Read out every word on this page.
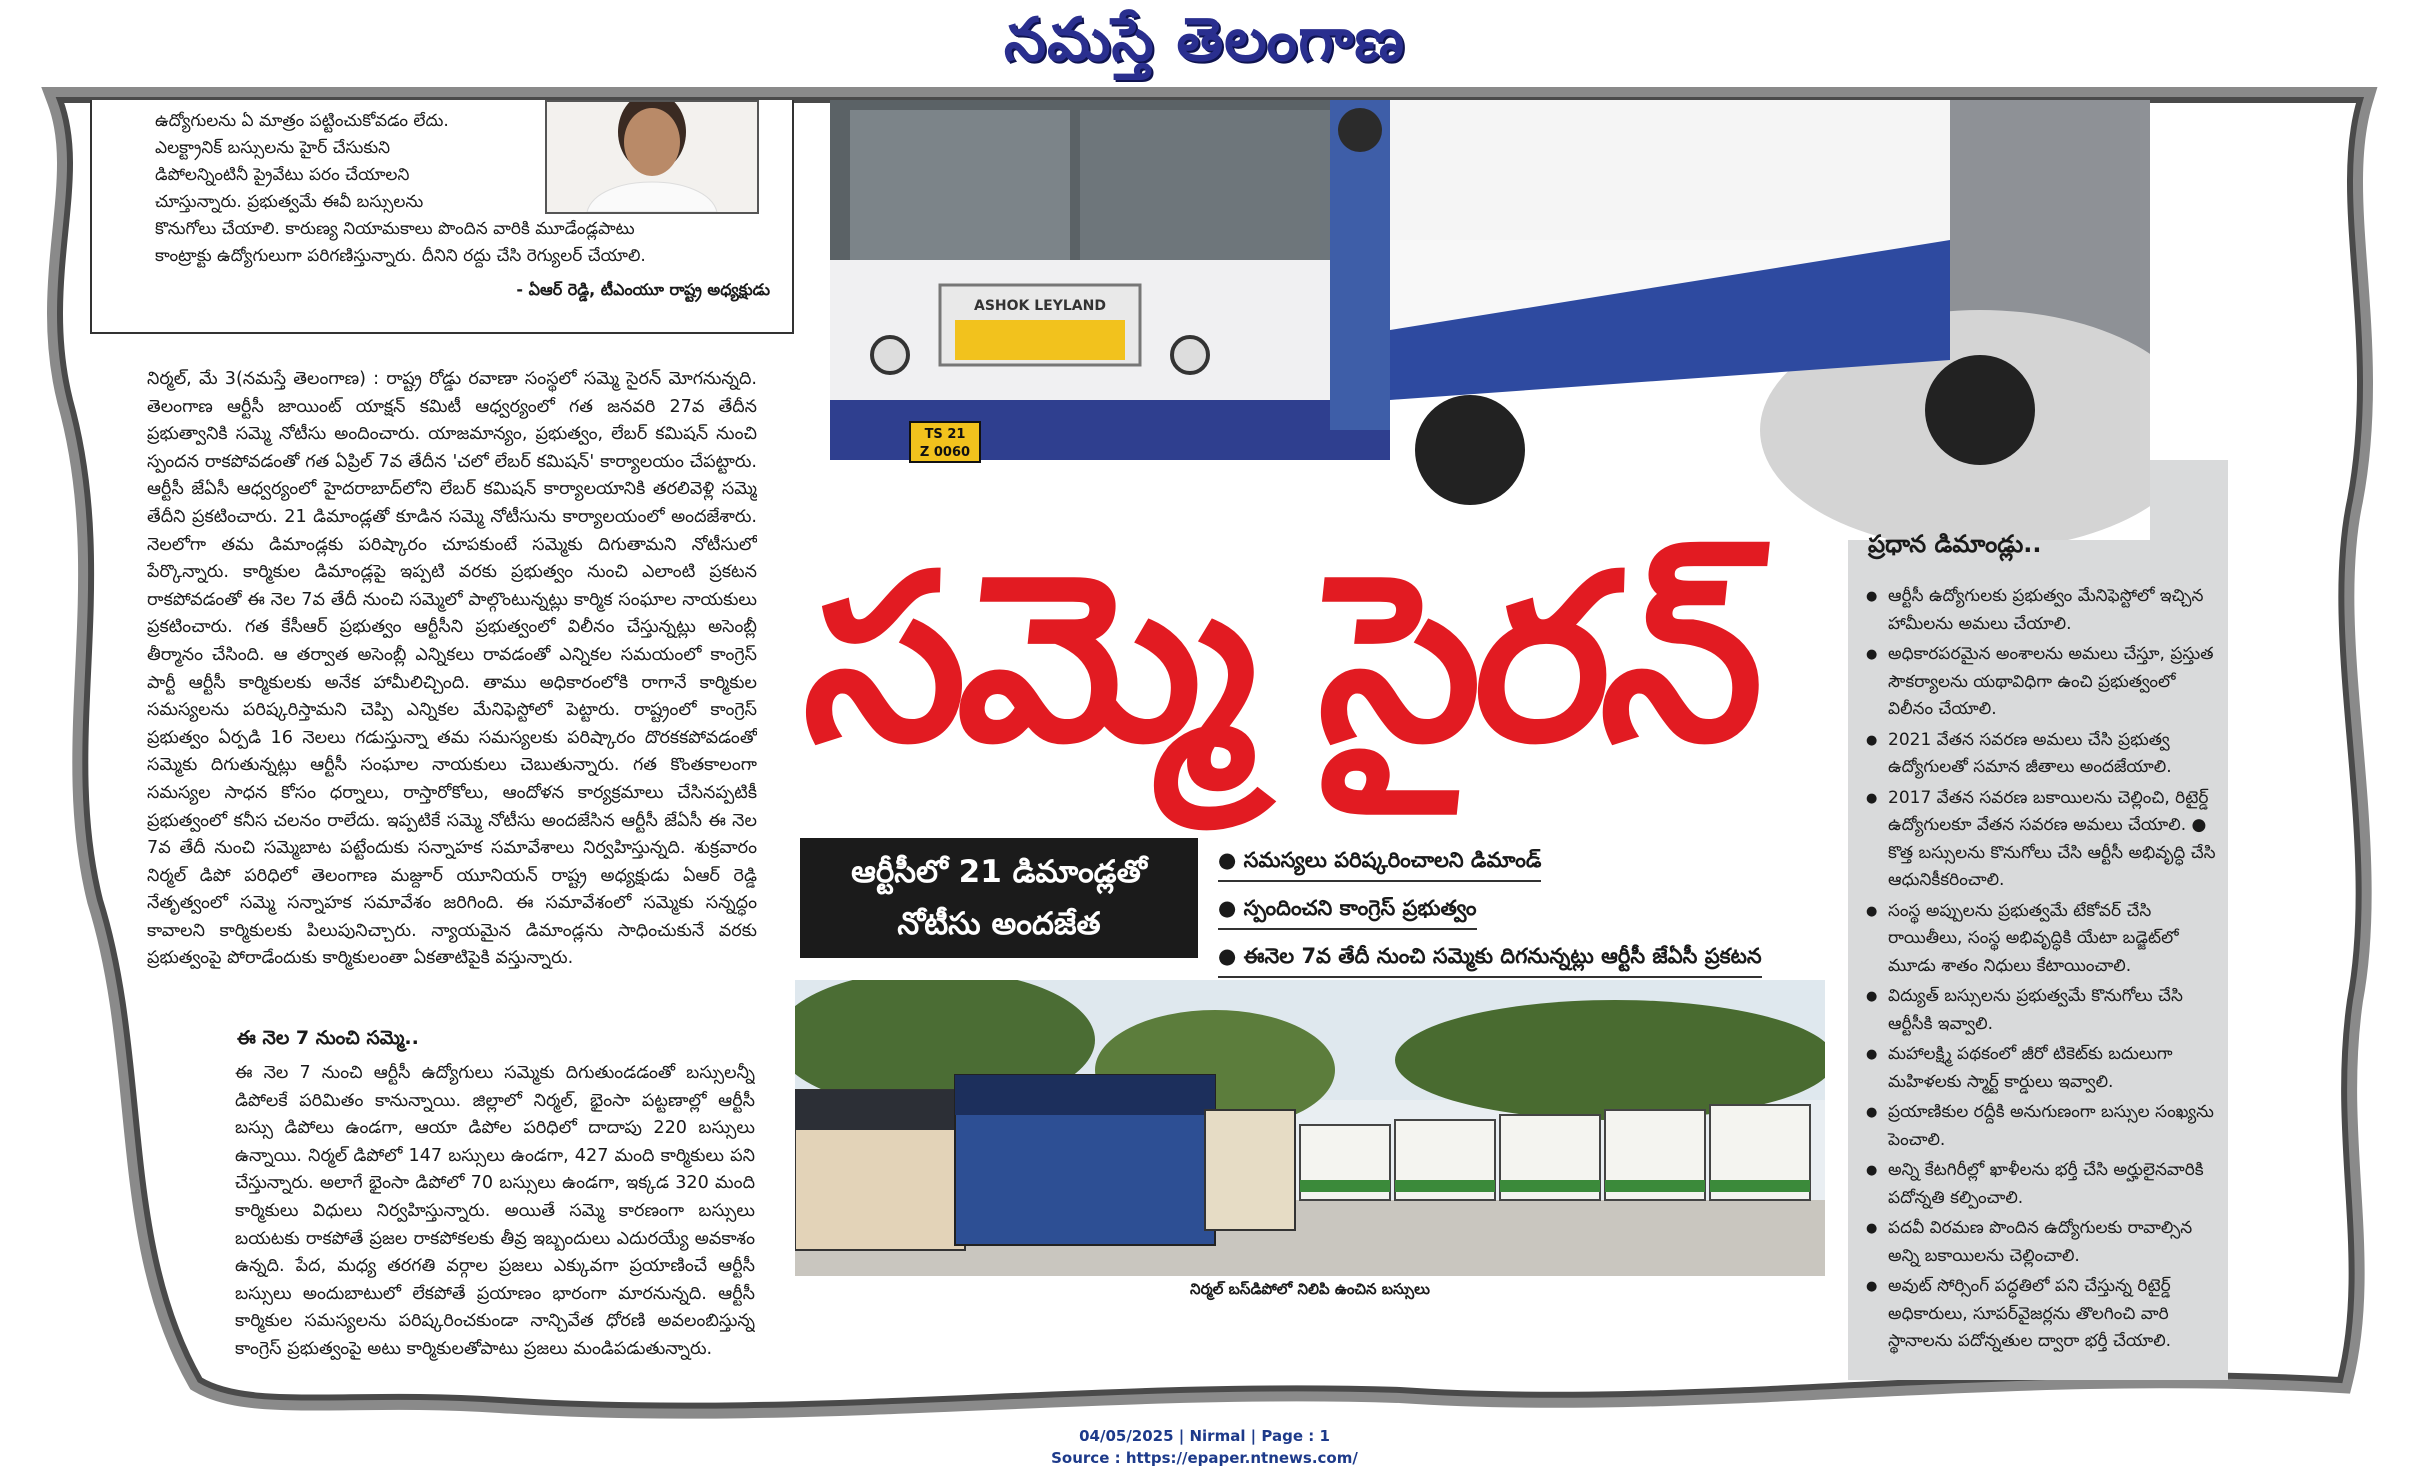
నమస్తే తెలంగాణ
ఉద్యోగులను ఏ మాత్రం పట్టించుకోవడం లేదు.
ఎలక్ట్రానిక్ బస్సులను హైర్ చేసుకుని
డిపోలన్నింటినీ ప్రైవేటు పరం చేయాలని
చూస్తున్నారు. ప్రభుత్వమే ఈవీ బస్సులను
కొనుగోలు చేయాలి. కారుణ్య నియామకాలు పొందిన వారికి మూడేండ్లపాటు
కాంట్రాక్టు ఉద్యోగులుగా పరిగణిస్తున్నారు. దీనిని రద్దు చేసి రెగ్యులర్ చేయాలి.
- ఏఆర్ రెడ్డి, టీఎంయూ రాష్ట్ర అధ్యక్షుడు
నిర్మల్, మే 3(నమస్తే తెలంగాణ) : రాష్ట్ర రోడ్డు రవాణా సంస్థలో సమ్మె సైరన్ మోగనున్నది. తెలంగాణ ఆర్టీసీ జాయింట్ యాక్షన్ కమిటీ ఆధ్వర్యంలో గత జనవరి 27వ తేదీన ప్రభుత్వానికి సమ్మె నోటీసు అందించారు. యాజమాన్యం, ప్రభుత్వం, లేబర్ కమిషన్ నుంచి స్పందన రాకపోవడంతో గత ఏప్రిల్ 7వ తేదీన 'చలో లేబర్ కమిషన్' కార్యాలయం చేపట్టారు. ఆర్టీసీ జేఏసీ ఆధ్వర్యంలో హైదరాబాద్‌లోని లేబర్ కమిషన్ కార్యాలయానికి తరలివెళ్లి సమ్మె తేదీని ప్రకటించారు. 21 డిమాండ్లతో కూడిన సమ్మె నోటీసును కార్యాలయంలో అందజేశారు. నెలలోగా తమ డిమాండ్లకు పరిష్కారం చూపకుంటే సమ్మెకు దిగుతామని నోటీసులో పేర్కొన్నారు. కార్మికుల డిమాండ్లపై ఇప్పటి వరకు ప్రభుత్వం నుంచి ఎలాంటి ప్రకటన రాకపోవడంతో ఈ నెల 7వ తేదీ నుంచి సమ్మెలో పాల్గొంటున్నట్లు కార్మిక సంఘాల నాయకులు ప్రకటించారు. గత కేసీఆర్ ప్రభుత్వం ఆర్టీసీని ప్రభుత్వంలో విలీనం చేస్తున్నట్లు అసెంబ్లీ తీర్మానం చేసింది. ఆ తర్వాత అసెంబ్లీ ఎన్నికలు రావడంతో ఎన్నికల సమయంలో కాంగ్రెస్ పార్టీ ఆర్టీసీ కార్మికులకు అనేక హామీలిచ్చింది. తాము అధికారంలోకి రాగానే కార్మికుల సమస్యలను పరిష్కరిస్తామని చెప్పి ఎన్నికల మేనిఫెస్టోలో పెట్టారు. రాష్ట్రంలో కాంగ్రెస్ ప్రభుత్వం ఏర్పడి 16 నెలలు గడుస్తున్నా తమ సమస్యలకు పరిష్కారం దొరకకపోవడంతో సమ్మెకు దిగుతున్నట్లు ఆర్టీసీ సంఘాల నాయకులు చెబుతున్నారు. గత కొంతకాలంగా సమస్యల సాధన కోసం ధర్నాలు, రాస్తారోకోలు, ఆందోళన కార్యక్రమాలు చేసినప్పటికీ ప్రభుత్వంలో కనీస చలనం రాలేదు. ఇప్పటికే సమ్మె నోటీసు అందజేసిన ఆర్టీసీ జేఏసీ ఈ నెల 7వ తేదీ నుంచి సమ్మెబాట పట్టేందుకు సన్నాహక సమావేశాలు నిర్వహిస్తున్నది. శుక్రవారం నిర్మల్ డిపో పరిధిలో తెలంగాణ మజ్దూర్ యూనియన్ రాష్ట్ర అధ్యక్షుడు ఏఆర్ రెడ్డి నేతృత్వంలో సమ్మె సన్నాహక సమావేశం జరిగింది. ఈ సమావేశంలో సమ్మెకు సన్నద్ధం కావాలని కార్మికులకు పిలుపునిచ్చారు. న్యాయమైన డిమాండ్లను సాధించుకునే వరకు ప్రభుత్వంపై పోరాడేందుకు కార్మికులంతా ఏకతాటిపైకి వస్తున్నారు.
ఈ నెల 7 నుంచి సమ్మె..
ఈ నెల 7 నుంచి ఆర్టీసీ ఉద్యోగులు సమ్మెకు దిగుతుండడంతో బస్సులన్నీ డిపోలకే పరిమితం కానున్నాయి. జిల్లాలో నిర్మల్, భైంసా పట్టణాల్లో ఆర్టీసీ బస్సు డిపోలు ఉండగా, ఆయా డిపోల పరిధిలో దాదాపు 220 బస్సులు ఉన్నాయి. నిర్మల్ డిపోలో 147 బస్సులు ఉండగా, 427 మంది కార్మికులు పని చేస్తున్నారు. అలాగే భైంసా డిపోలో 70 బస్సులు ఉండగా, ఇక్కడ 320 మంది కార్మికులు విధులు నిర్వహిస్తున్నారు. అయితే సమ్మె కారణంగా బస్సులు బయటకు రాకపోతే ప్రజల రాకపోకలకు తీవ్ర ఇబ్బందులు ఎదురయ్యే అవకాశం ఉన్నది. పేద, మధ్య తరగతి వర్గాల ప్రజలు ఎక్కువగా ప్రయాణించే ఆర్టీసీ బస్సులు అందుబాటులో లేకపోతే ప్రయాణం భారంగా మారనున్నది. ఆర్టీసీ కార్మికుల సమస్యలను పరిష్కరించకుండా నాన్చివేత ధోరణి అవలంబిస్తున్న కాంగ్రెస్ ప్రభుత్వంపై అటు కార్మికులతోపాటు ప్రజలు మండిపడుతున్నారు.
ASHOK LEYLAND
TS 21
Z 0060
సమ్మె సైరన్
ఆర్టీసీలో 21 డిమాండ్లతో
నోటీసు అందజేత
● సమస్యలు పరిష్కరించాలని డిమాండ్
● స్పందించని కాంగ్రెస్ ప్రభుత్వం
● ఈనెల 7వ తేదీ నుంచి సమ్మెకు దిగనున్నట్లు ఆర్టీసీ జేఏసీ ప్రకటన
నిర్మల్ బస్‌డిపోలో నిలిపి ఉంచిన బస్సులు
ప్రధాన డిమాండ్లు..
● ఆర్టీసీ ఉద్యోగులకు ప్రభుత్వం మేనిఫెస్టోలో ఇచ్చిన హామీలను అమలు చేయాలి.
● అధికారపరమైన అంశాలను అమలు చేస్తూ, ప్రస్తుత సౌకర్యాలను యథావిధిగా ఉంచి ప్రభుత్వంలో విలీనం చేయాలి.
● 2021 వేతన సవరణ అమలు చేసి ప్రభుత్వ ఉద్యోగులతో సమాన జీతాలు అందజేయాలి.
● 2017 వేతన సవరణ బకాయిలను చెల్లించి, రిటైర్డ్ ఉద్యోగులకూ వేతన సవరణ అమలు చేయాలి. ● కొత్త బస్సులను కొనుగోలు చేసి ఆర్టీసీ అభివృద్ధి చేసి ఆధునికీకరించాలి.
● సంస్థ అప్పులను ప్రభుత్వమే టేకోవర్ చేసి రాయితీలు, సంస్థ అభివృద్ధికి యేటా బడ్జెట్‌లో మూడు శాతం నిధులు కేటాయించాలి.
● విద్యుత్ బస్సులను ప్రభుత్వమే కొనుగోలు చేసి ఆర్టీసీకి ఇవ్వాలి.
● మహాలక్ష్మి పథకంలో జీరో టికెట్‌కు బదులుగా మహిళలకు స్మార్ట్ కార్డులు ఇవ్వాలి.
● ప్రయాణికుల రద్దీకి అనుగుణంగా బస్సుల సంఖ్యను పెంచాలి.
● అన్ని కేటగిరీల్లో ఖాళీలను భర్తీ చేసి అర్హులైనవారికి పదోన్నతి కల్పించాలి.
● పదవీ విరమణ పొందిన ఉద్యోగులకు రావాల్సిన అన్ని బకాయిలను చెల్లించాలి.
● అవుట్ సోర్సింగ్ పద్ధతిలో పని చేస్తున్న రిటైర్డ్ అధికారులు, సూపర్‌వైజర్లను తొలగించి వారి స్థానాలను పదోన్నతుల ద్వారా భర్తీ చేయాలి.
04/05/2025 | Nirmal | Page : 1
Source : https://epaper.ntnews.com/
